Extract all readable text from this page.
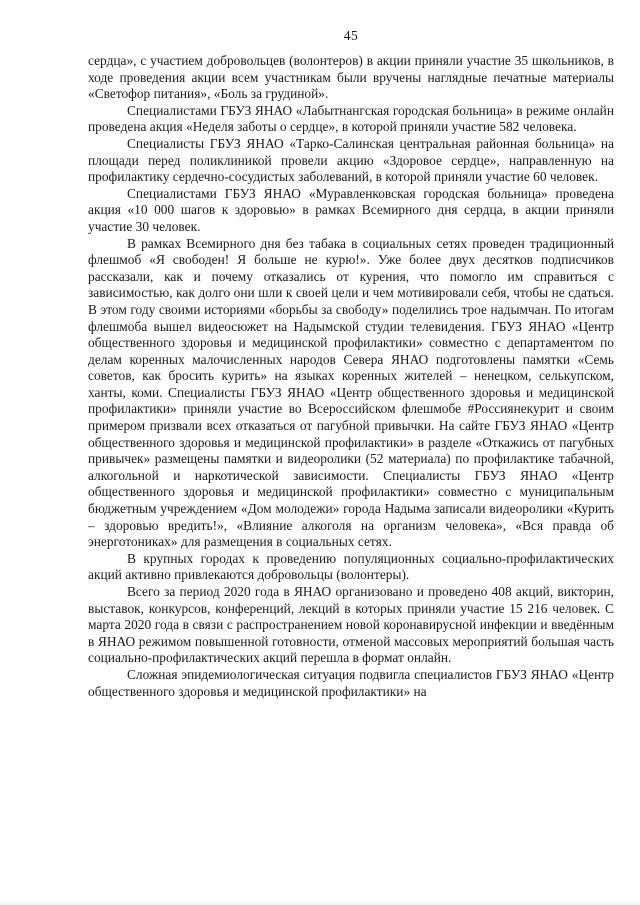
45

сердца», с участием добровольцев (волонтеров) в акции приняли участие 35 школьников, в ходе проведения акции всем участникам были вручены наглядные печатные материалы «Светофор питания», «Боль за грудиной».

Специалистами ГБУЗ ЯНАО «Лабытнангская городская больница» в режиме онлайн проведена акция «Неделя заботы о сердце», в которой приняли участие 582 человека.

Специалисты ГБУЗ ЯНАО «Тарко-Салинская центральная районная больница» на площади перед поликлиникой провели акцию «Здоровое сердце», направленную на профилактику сердечно-сосудистых заболеваний, в которой приняли участие 60 человек.

Специалистами ГБУЗ ЯНАО «Муравленковская городская больница» проведена акция «10 000 шагов к здоровью» в рамках Всемирного дня сердца, в акции приняли участие 30 человек.

В рамках Всемирного дня без табака в социальных сетях проведен традиционный флешмоб «Я свободен! Я больше не курю!». Уже более двух десятков подписчиков рассказали, как и почему отказались от курения, что помогло им справиться с зависимостью, как долго они шли к своей цели и чем мотивировали себя, чтобы не сдаться. В этом году своими историями «борьбы за свободу» поделились трое надымчан. По итогам флешмоба вышел видеосюжет на Надымской студии телевидения. ГБУЗ ЯНАО «Центр общественного здоровья и медицинской профилактики» совместно с департаментом по делам коренных малочисленных народов Севера ЯНАО подготовлены памятки «Семь советов, как бросить курить» на языках коренных жителей – ненецком, селькупском, ханты, коми. Специалисты ГБУЗ ЯНАО «Центр общественного здоровья и медицинской профилактики» приняли участие во Всероссийском флешмобе #Россиянекурит и своим примером призвали всех отказаться от пагубной привычки. На сайте ГБУЗ ЯНАО «Центр общественного здоровья и медицинской профилактики» в разделе «Откажись от пагубных привычек» размещены памятки и видеоролики (52 материала) по профилактике табачной, алкогольной и наркотической зависимости. Специалисты ГБУЗ ЯНАО «Центр общественного здоровья и медицинской профилактики» совместно с муниципальным бюджетным учреждением «Дом молодежи» города Надыма записали видеоролики «Курить – здоровью вредить!», «Влияние алкоголя на организм человека», «Вся правда об энерготониках» для размещения в социальных сетях.

В крупных городах к проведению популяционных социально-профилактических акций активно привлекаются добровольцы (волонтеры).

Всего за период 2020 года в ЯНАО организовано и проведено 408 акций, викторин, выставок, конкурсов, конференций, лекций в которых приняли участие 15 216 человек. С марта 2020 года в связи с распространением новой коронавирусной инфекции и введённым в ЯНАО режимом повышенной готовности, отменой массовых мероприятий большая часть социально-профилактических акций перешла в формат онлайн.

Сложная эпидемиологическая ситуация подвигла специалистов ГБУЗ ЯНАО «Центр общественного здоровья и медицинской профилактики» на
